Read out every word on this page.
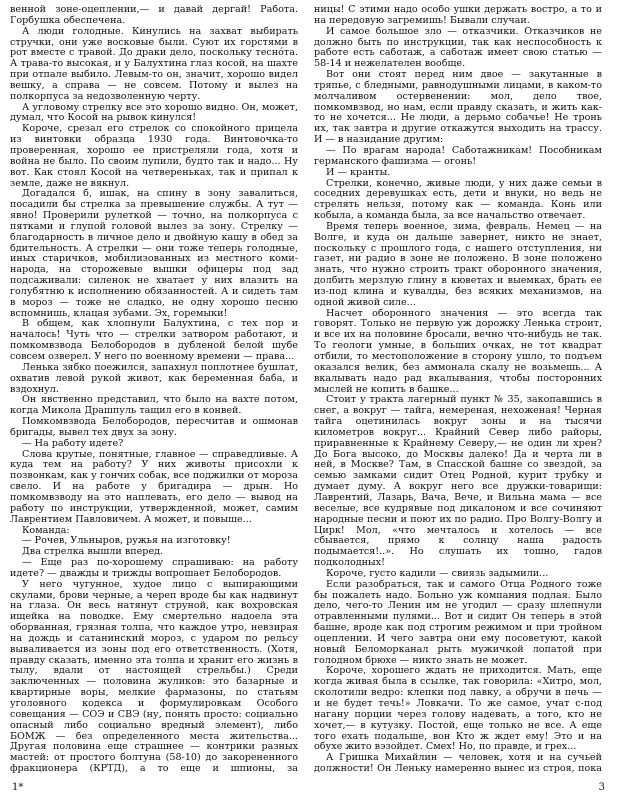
венной зоне-оцеплении,— и давай дергай! Работа. Горбушка обеспечена.

А люди голодные. Кинулись на захват выбирать стручки, они уже восковые были. Суют их горстями в рот вместе с травой. До драки дело, поскольку тесно́та. А трава-то высокая, и у Балухтина глаз косой, на шахте при отпале выбило. Левым-то он, значит, хорошо видел вешку, а справа — не совсем. Потому и вылез на полкорпуса за недозволенную черту.

А угловому стрелку все это хорошо видно. Он, может, думал, что Косой на рывок кинулся!

Короче, срезал его стрелок со спокойного прицела из винтовки образца 1930 года. Винтовочка-то проверенная, хорошо ее пристреляли года, хотя и война не было. По своим лупили, будто так и надо... Ну вот. Как стоял Косой на четвереньках, так и припал к земле, даже не вякнул.

Догадался б, ишак, на спину в зону завалиться, посадили бы стрелка за превышение службы. А тут — явно! Проверили рулеткой — точно, на полкорпуса с пятками и глупой головой вылез за зону. Стрелку — благодарность в личное дело и двойную кашу в обед за бдительность. А стрелки — они тоже теперь голодные, иных старичков, мобилизованных из местного коми-народа, на сторожевые вышки офицеры под зад подсаживали: силенок не хватает у них влазить на голубятню к исполнению обязанностей. А и сидеть там в мороз — тоже не сладко, не одну хорошо песню вспомнишь, клацая зубами. Эх, горемыки!

В общем, как хлопнули Балухтина, с тех пор и началось! Чуть что — стрелки затвором работают, и помкомвзвода Белобородов в дубленой белой шубе совсем озверел. У него по военному времени — права...

Ленька зябко поежился, запахнул поплотнее бушлат, охватив левой рукой живот, как беременная баба, и вздохнул.

Он явственно представил, что было на вахте потом, когда Микола Драшпуль тащил его в конвей.

Помкомвзвода Белобородов, пересчитав и ошмонав бригады, вывел тех двух за зону.

— На работу идете?

Слова крутые, понятные, главное — справедливые. А куда тем на работу? У них животы присохли к позвонкам, как у гончих собак, все поджилки от мороза свело. И на работе у бригадира — дрын. Но помкомвзводу на это наплевать, его дело — вывод на работу по инструкции, утвержденной, может, самим Лаврентием Павловичем. А может, и повыше...

Команда:

— Рочев, Ульныров, ружья на изготовку!

Два стрелка вышли вперед.

— Еще раз по-хорошему спрашиваю: на работу идете? — дважды и трижды вопрошает Белобородов.

У него чугунное, худое лицо с выпирающими скулами, брови черные, а череп вроде бы как надвинут на глаза. Он весь натянут струной, как вохровская ищейка на поводке. Ему смертельно надоела эта оборванная, грязная толпа, что каждое утро, невзирая на дождь и сатанинский мороз, с ударом по рельсу вываливается из зоны под его ответственность. (Хотя, правду сказать, именно эта толпа и хранит его жизнь в тылу, вдали от настоящей стрельбы.) Среди заключенных — половина жуликов: это базарные и квартирные воры, мелкие фармазоны, по статьям уголовного кодекса и формулировкам Особого совещания — СОЭ и СВЭ (ну, понять просто: социально опасный либо социально вредный элемент), либо БОМЖ — без определенного места жительства... Другая половина еще страшнее — контрики разных мастей: от простого болтуна (58-10) до закорененного фракционера (КРТД), а то еще и шпионы, за

ницы! С этими надо особо ушки держать востро, а то и на передовую загремишь! Бывали случаи.

И самое большое зло — отказчики. Отказчиков не должно быть по инструкции, так как неспособность к работе есть саботаж, а саботаж имеет свою статью — 58-14 и нежелателен вообще.

Вот они стоят перед ним двое — закутанные в тряпье, с бледными, равнодушными лицами, в каком-то молчаливом остервенении: мол, дело твое, помкомвзвод, но нам, если правду сказать, и жить как-то не хочется... Не люди, а дерьмо собачье! Не тронь их, так завтра и другие откажутся выходить на трассу. И — в назидание другим:

— По врагам народа! Саботажникам! Пособникам германского фашизма — огонь!

И — кранты.

Стрелки, конечно, живые люди, у них даже семьи в соседних деревушках есть, дети и внуки, но ведь не стрелять нельзя, потому как — команда. Конь или кобыла, а команда была, за все начальство отвечает.

Время теперь военное, зима, февраль. Немец — на Волге, и куда он дальше завернет, никто не знает, поскольку с прошлого года, с нашего отступления, ни газет, ни радио в зоне не положено. В зоне положено знать, что нужно строить тракт оборонного значения, долбить мерзлую глину в кюветах и выемках, брать ее из-под клина и кувалды, без всяких механизмов, на одной живой силе...

Насчет оборонного значения — это всегда так говорят. Только не первую уж дорожку Ленька строит, и все их на половине бросали, вечно что-нибудь не так. То геологи умные, в больших очках, не тот квадрат отбили, то местоположение в сторону ушло, то подъем оказался велик, без аммонала скалу не возьмешь... А вкалывать надо рад вкалывания, чтобы посторонних мыслей не копить в башке...

Стоит у тракта лагерный пункт № 35, закопавшись в снег, а вокруг — тайга, немереная, нехоженая! Черная тайга оцетинилась вокруг зоны и на тысячи километров вокруг... Крайний Север либо райоры, приравненные к Крайнему Северу,— не один ли хрен? До Бога высоко, до Москвы далеко! Да и черта ли в ней, в Москве? Там, в Спасской башне со звездой, за семью замками сидит Отец Родной, курит трубку и думает думу. А вокруг него все дружки-товарищи: Лаврентий, Лазарь, Вача, Вече, и Вильна мама — все веселые, все кудрявые под дикалоном и все сочиняют народные песни и поют их по радио. Про Волгу-Волгу и Цирк! Мол, «что мечталось и хотелось — все сбывается, прямо к солнцу наша радость подымается!..». Но слушать их тошно, гадов подколодных!

Короче, густо кадили — свиязь задымили...

Если разобраться, так и самого Отца Родного тоже бы пожалеть надо. Больно уж компания подлая. Было дело, чего-то Ленин им не угодил — сразу шлепнули отравленными пулями... Вот и сидит Он теперь в этой башне, вроде как под строгим режимом и при тройном оцеплении. И чего завтра они ему посоветуют, какой новый Беломорканал рыть мужичкой лопатой при голодном брюхе — никто знать не может.

Короче, хорошего ждать не приходится. Мать, еще когда живая была в ссылке, так говорила: «Хитро, мол, сколотили ведро: клепки под лавку, а обручи в печь — и не будет течь!» Ловкачи. То же самое, учат с-под нагану порции через голову надевать, а того, кто не хочет,— в кутузку. Постой, еще только не все. А еще того ехать подальше, вон Кто ж ждет ему! Это и на обухе жито вэзойдет. Смех! Но, по правде, и грех...

А Гришка Михайлин — человек, хотя и на сучьей должности! Он Леньку намеренно вынес из строя, пока

1*	3
